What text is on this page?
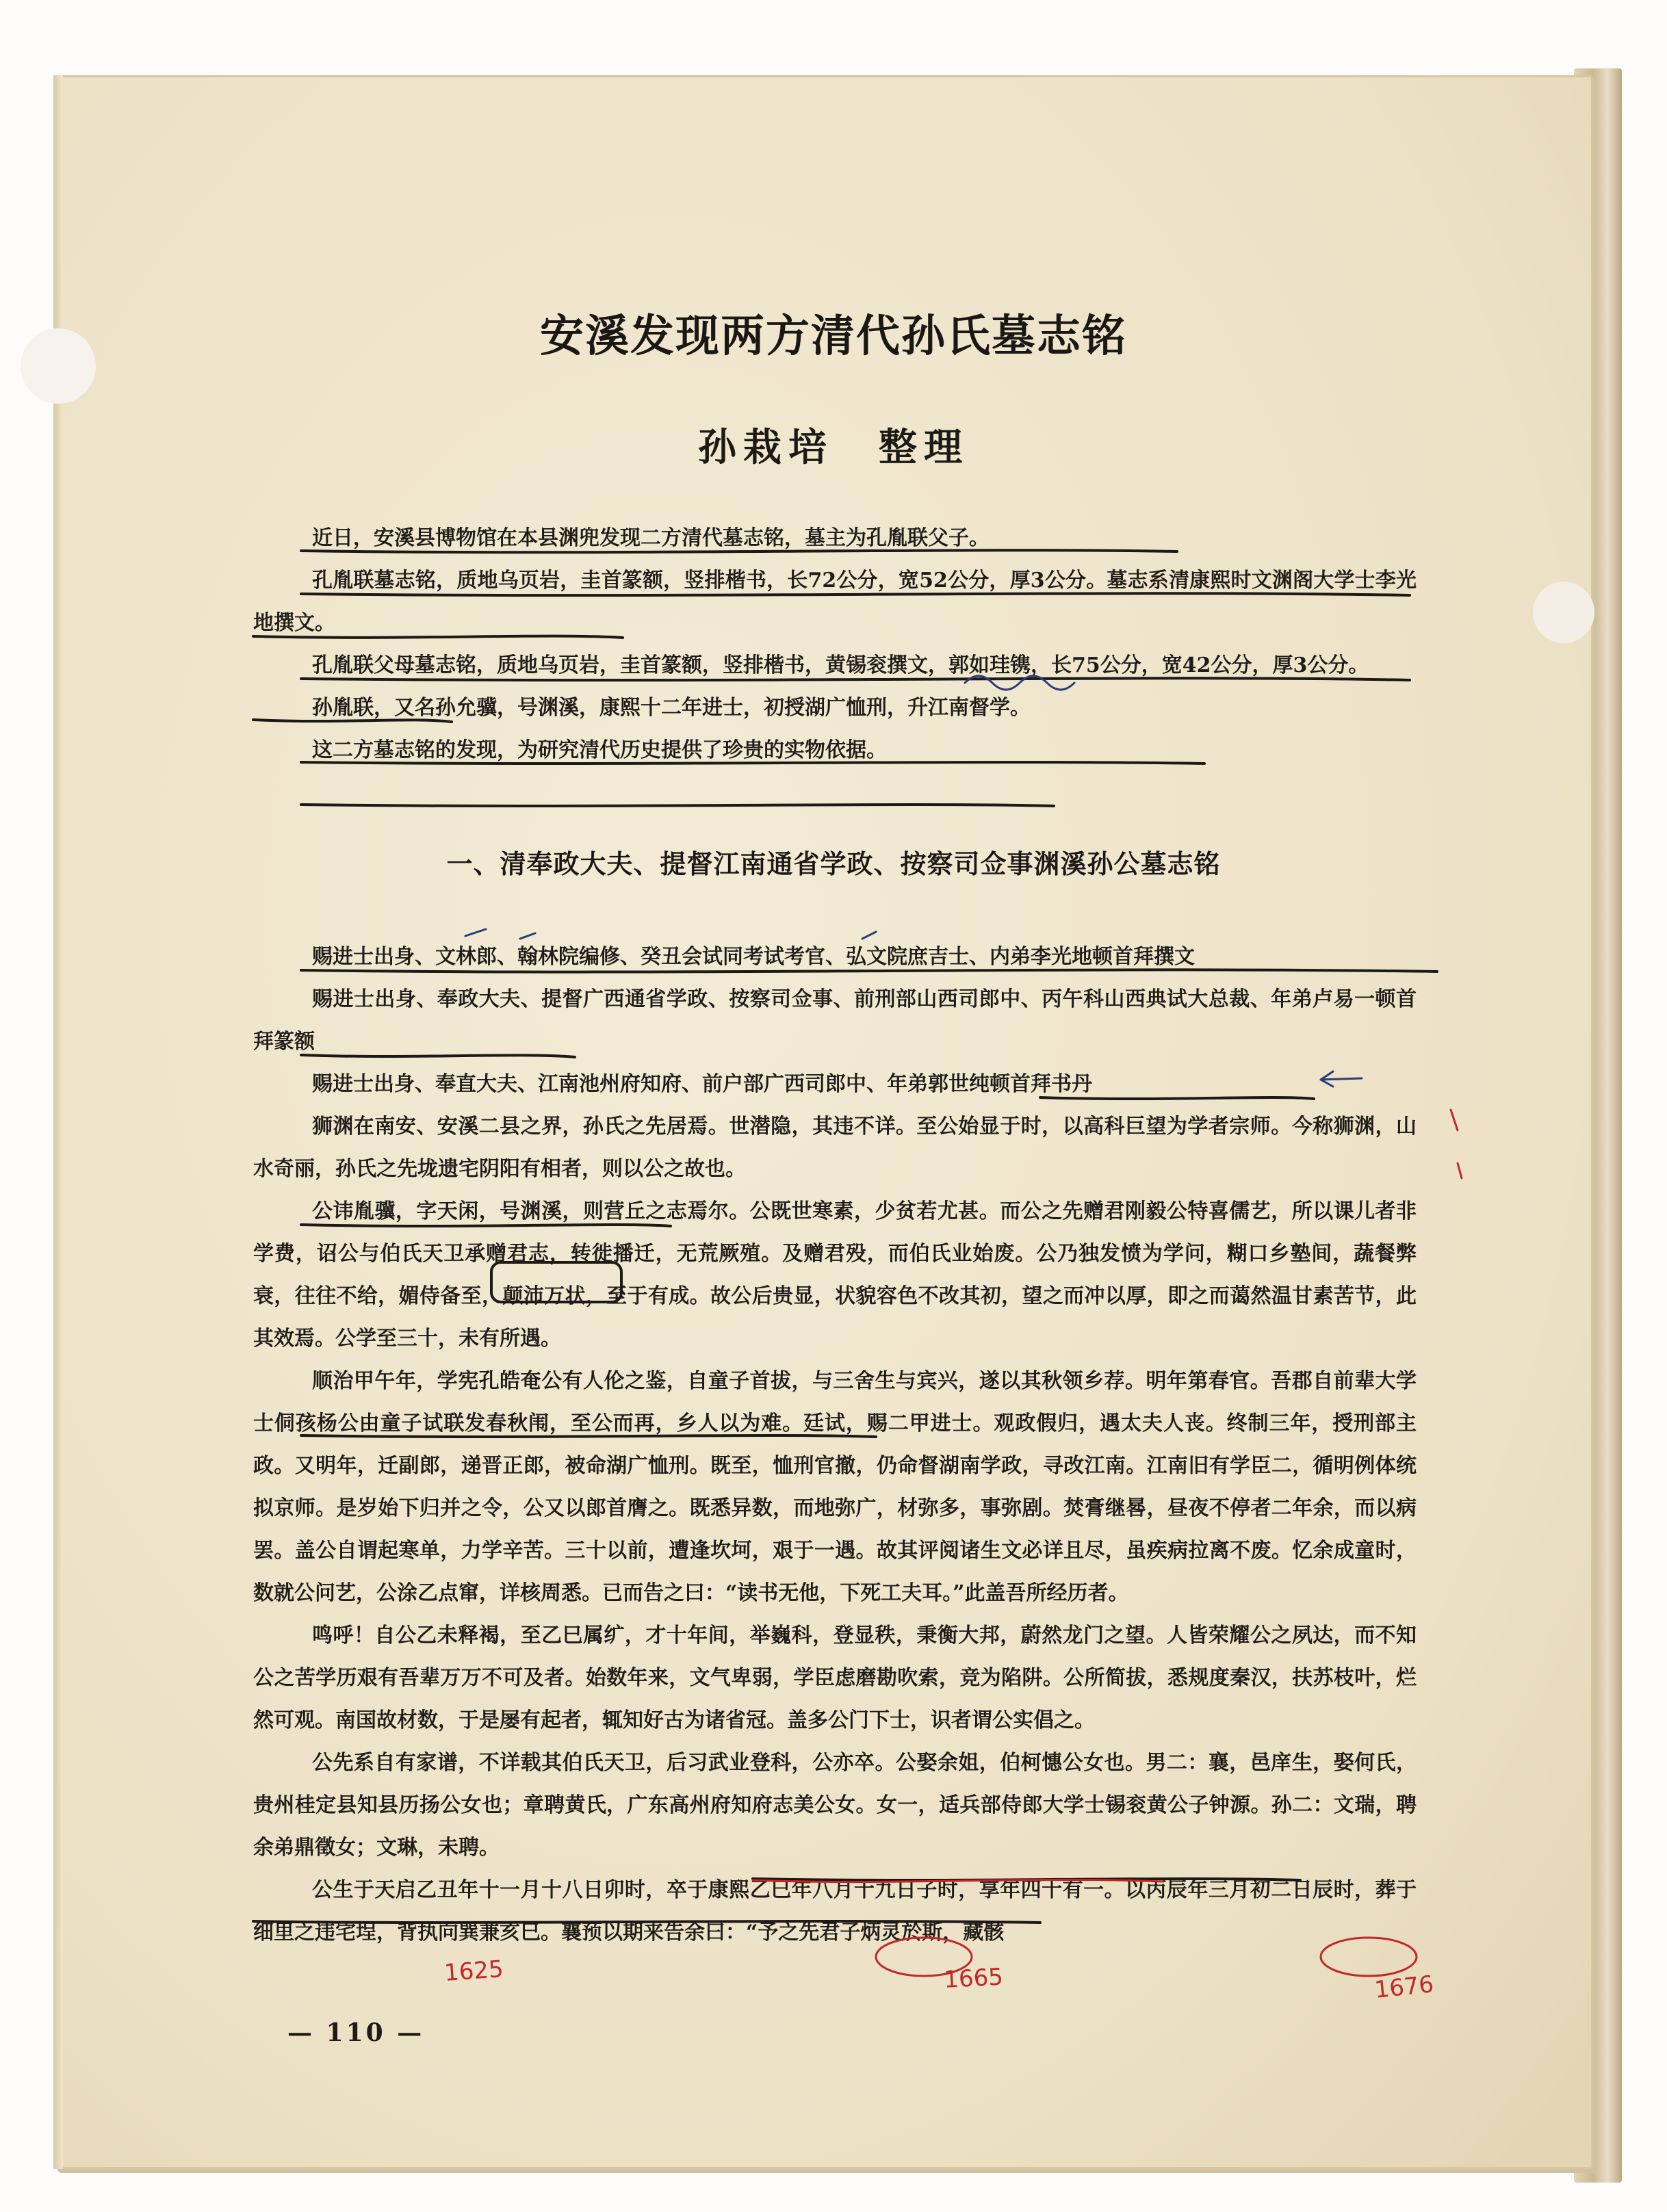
安溪发现两方清代孙氏墓志铭
孙栽培　整理

近日，安溪县博物馆在本县渊兜发现二方清代墓志铭，墓主为孔胤联父子。

孔胤联墓志铭，质地乌页岩，圭首篆额，竖排楷书，长72公分，宽52公分，厚3公分。墓志系清康熙时文渊阁大学士李光地撰文。

孔胤联父母墓志铭，质地乌页岩，圭首篆额，竖排楷书，黄锡衮撰文，郭如珪镌，长75公分，宽42公分，厚3公分。

孙胤联，又名孙允骥，号渊溪，康熙十二年进士，初授湖广恤刑，升江南督学。

这二方墓志铭的发现，为研究清代历史提供了珍贵的实物依据。

一、清奉政大夫、提督江南通省学政、按察司佥事渊溪孙公墓志铭

赐进士出身、文林郎、翰林院编修、癸丑会试同考试考官、弘文院庶吉士、内弟李光地顿首拜撰文

赐进士出身、奉政大夫、提督广西通省学政、按察司佥事、前刑部山西司郎中、丙午科山西典试大总裁、年弟卢易一顿首拜篆额

赐进士出身、奉直大夫、江南池州府知府、前户部广西司郎中、年弟郭世纯顿首拜书丹

狮渊在南安、安溪二县之界，孙氏之先居焉。世潜隐，其违不详。至公始显于时，以高科巨望为学者宗师。今称狮渊，山水奇丽，孙氏之先垅遗宅阴阳有相者，则以公之故也。

公讳胤骥，字天闲，号渊溪，则营丘之志焉尔。公既世寒素，少贫若尤甚。而公之先赠君刚毅公特喜儒艺，所以课儿者非学费，诏公与伯氏天卫承赠君志，转徙播迁，无荒厥殖。及赠君殁，而伯氏业始废。公乃独发愤为学问，糊口乡塾间，蔬餐弊衰，往往不给，媚侍备至，颠沛万状，至于有成。故公后贵显，状貌容色不改其初，望之而冲以厚，即之而蔼然温甘素苦节，此其效焉。公学至三十，未有所遇。

顺治甲午年，学宪孔皓奄公有人伦之鉴，自童子首拔，与三舍生与宾兴，遂以其秋领乡荐。明年第春官。吾郡自前辈大学士侗孩杨公由童子试联发春秋闱，至公而再，乡人以为难。廷试，赐二甲进士。观政假归，遇太夫人丧。终制三年，授刑部主政。又明年，迁副郎，递晋正郎，被命湖广恤刑。既至，恤刑官撤，仍命督湖南学政，寻改江南。江南旧有学臣二，循明例体统拟京师。是岁始下归并之令，公又以郎首膺之。既悉异数，而地弥广，材弥多，事弥剧。焚膏继晷，昼夜不停者二年余，而以病罢。盖公自谓起寒单，力学辛苦。三十以前，遭逢坎坷，艰于一遇。故其评阅诸生文必详且尽，虽疾病拉离不废。忆余成童时，数就公问艺，公涂乙点窜，详核周悉。已而告之曰：“读书无他，下死工夫耳。”此盖吾所经历者。

鸣呼！自公乙未释褐，至乙巳属纩，才十年间，举巍科，登显秩，秉衡大邦，蔚然龙门之望。人皆荣耀公之夙达，而不知公之苦学历艰有吾辈万万不可及者。始数年来，文气卑弱，学臣虑磨勘吹索，竞为陷阱。公所简拔，悉规度秦汉，扶苏枝叶，烂然可观。南国故材数，于是屡有起者，辄知好古为诸省冠。盖多公门下士，识者谓公实倡之。

公先系自有家谱，不详载其伯氏天卫，后习武业登科，公亦卒。公娶余姐，伯柯憓公女也。男二：襄，邑庠生，娶何氏，贵州桂定县知县历扬公女也；章聘黄氏，广东高州府知府志美公女。女一，适兵部侍郎大学士锡衮黄公子钟源。孙二：文瑞，聘余弟鼎徵女；文琳，未聘。

公生于天启乙丑年十一月十八日卯时，卒于康熙乙巳年八月十九日子时，享年四十有一。以丙辰年三月初二日辰时，葬于细里之违宅埕，背执向巽兼亥巳。襄预以期来告余曰：“予之先君子炳灵於斯，藏骸

— 110 —
1625	1665	1676
